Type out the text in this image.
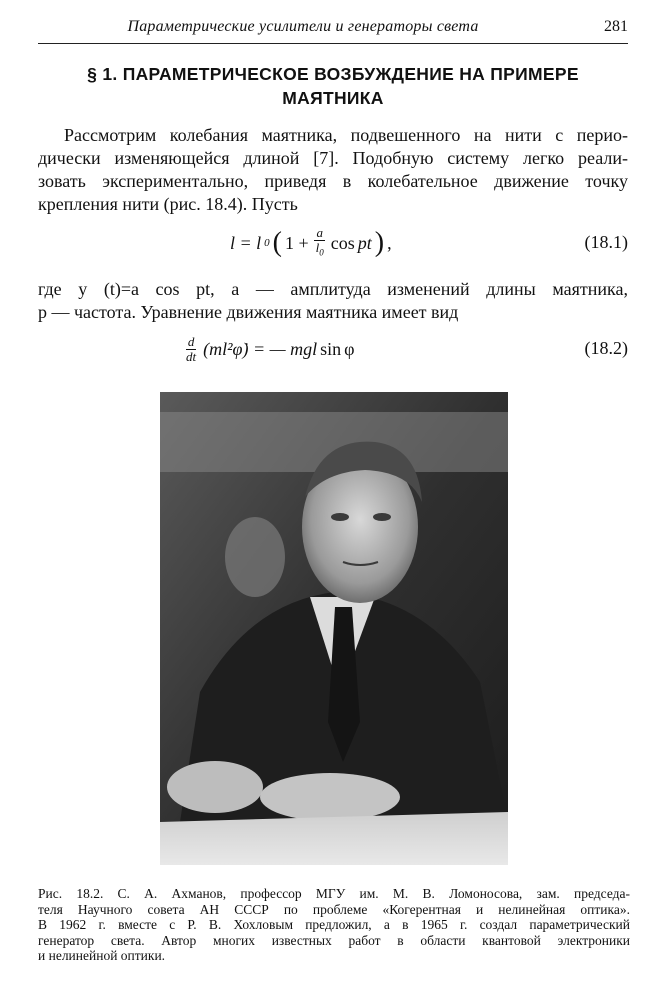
Параметрические усилители и генераторы света	281
§ 1. ПАРАМЕТРИЧЕСКОЕ ВОЗБУЖДЕНИЕ НА ПРИМЕРЕ
МАЯТНИКА
Рассмотрим колебания маятника, подвешенного на нити с перио-
дически изменяющейся длиной [7]. Подобную систему легко реали-
зовать экспериментально, приведя в колебательное движение точку
крепления нити (рис. 18.4). Пусть
l = l 0 ( $1 + \frac{a}{l_0}$ cos pt ) ,	(18.1)
где y (t)=a cos pt, a — амплитуда изменений длины маятника,
p — частота. Уравнение движения маятника имеет вид
$\frac{d}{dt}$ (ml²φ̇) = — mgl sin φ	(18.2)
Рис. 18.2. С. А. Ахманов, профессор МГУ им. М. В. Ломоносова, зам. председа-
теля Научного совета АН СССР по проблеме «Когерентная и нелинейная оптика».
В 1962 г. вместе с Р. В. Хохловым предложил, а в 1965 г. создал параметрический
генератор света. Автор многих известных работ в области квантовой электроники
и нелинейной оптики.
